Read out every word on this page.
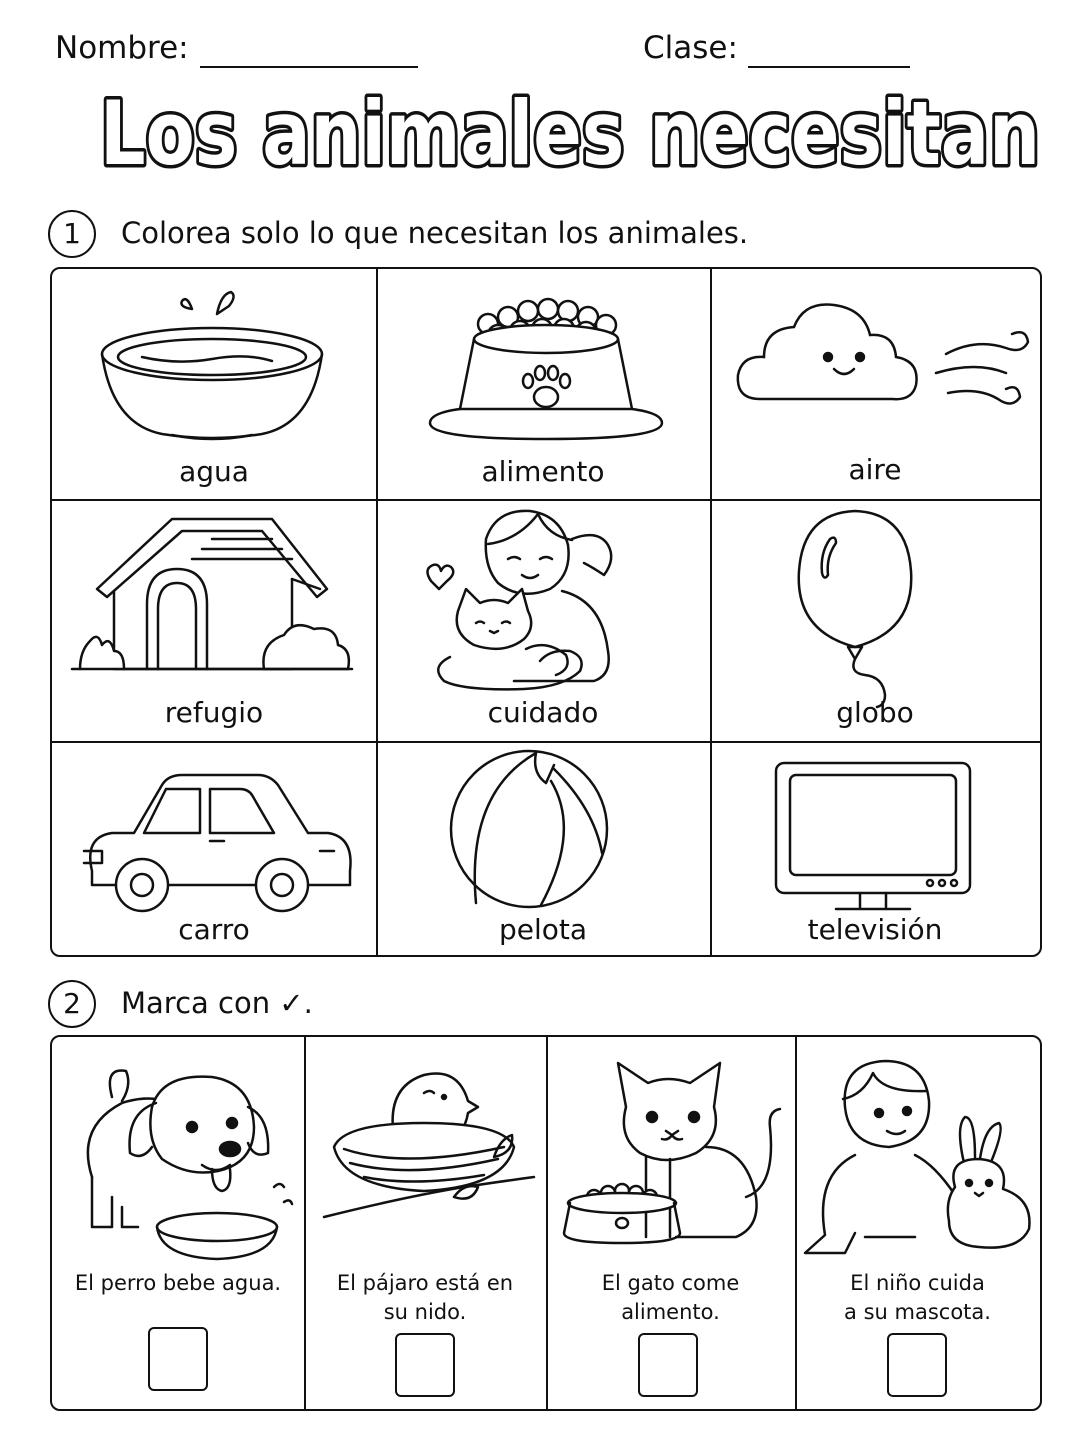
Nombre:	Clase:
Los animales necesitan
1	Colorea solo lo que necesitan los animales.
agua	alimento	aire
refugio	cuidado	globo
carro	pelota	televisión
2	Marca con ✓.
El perro bebe agua.	El pájaro está en
su nido.
El gato come
alimento.
El niño cuida
a su mascota.
